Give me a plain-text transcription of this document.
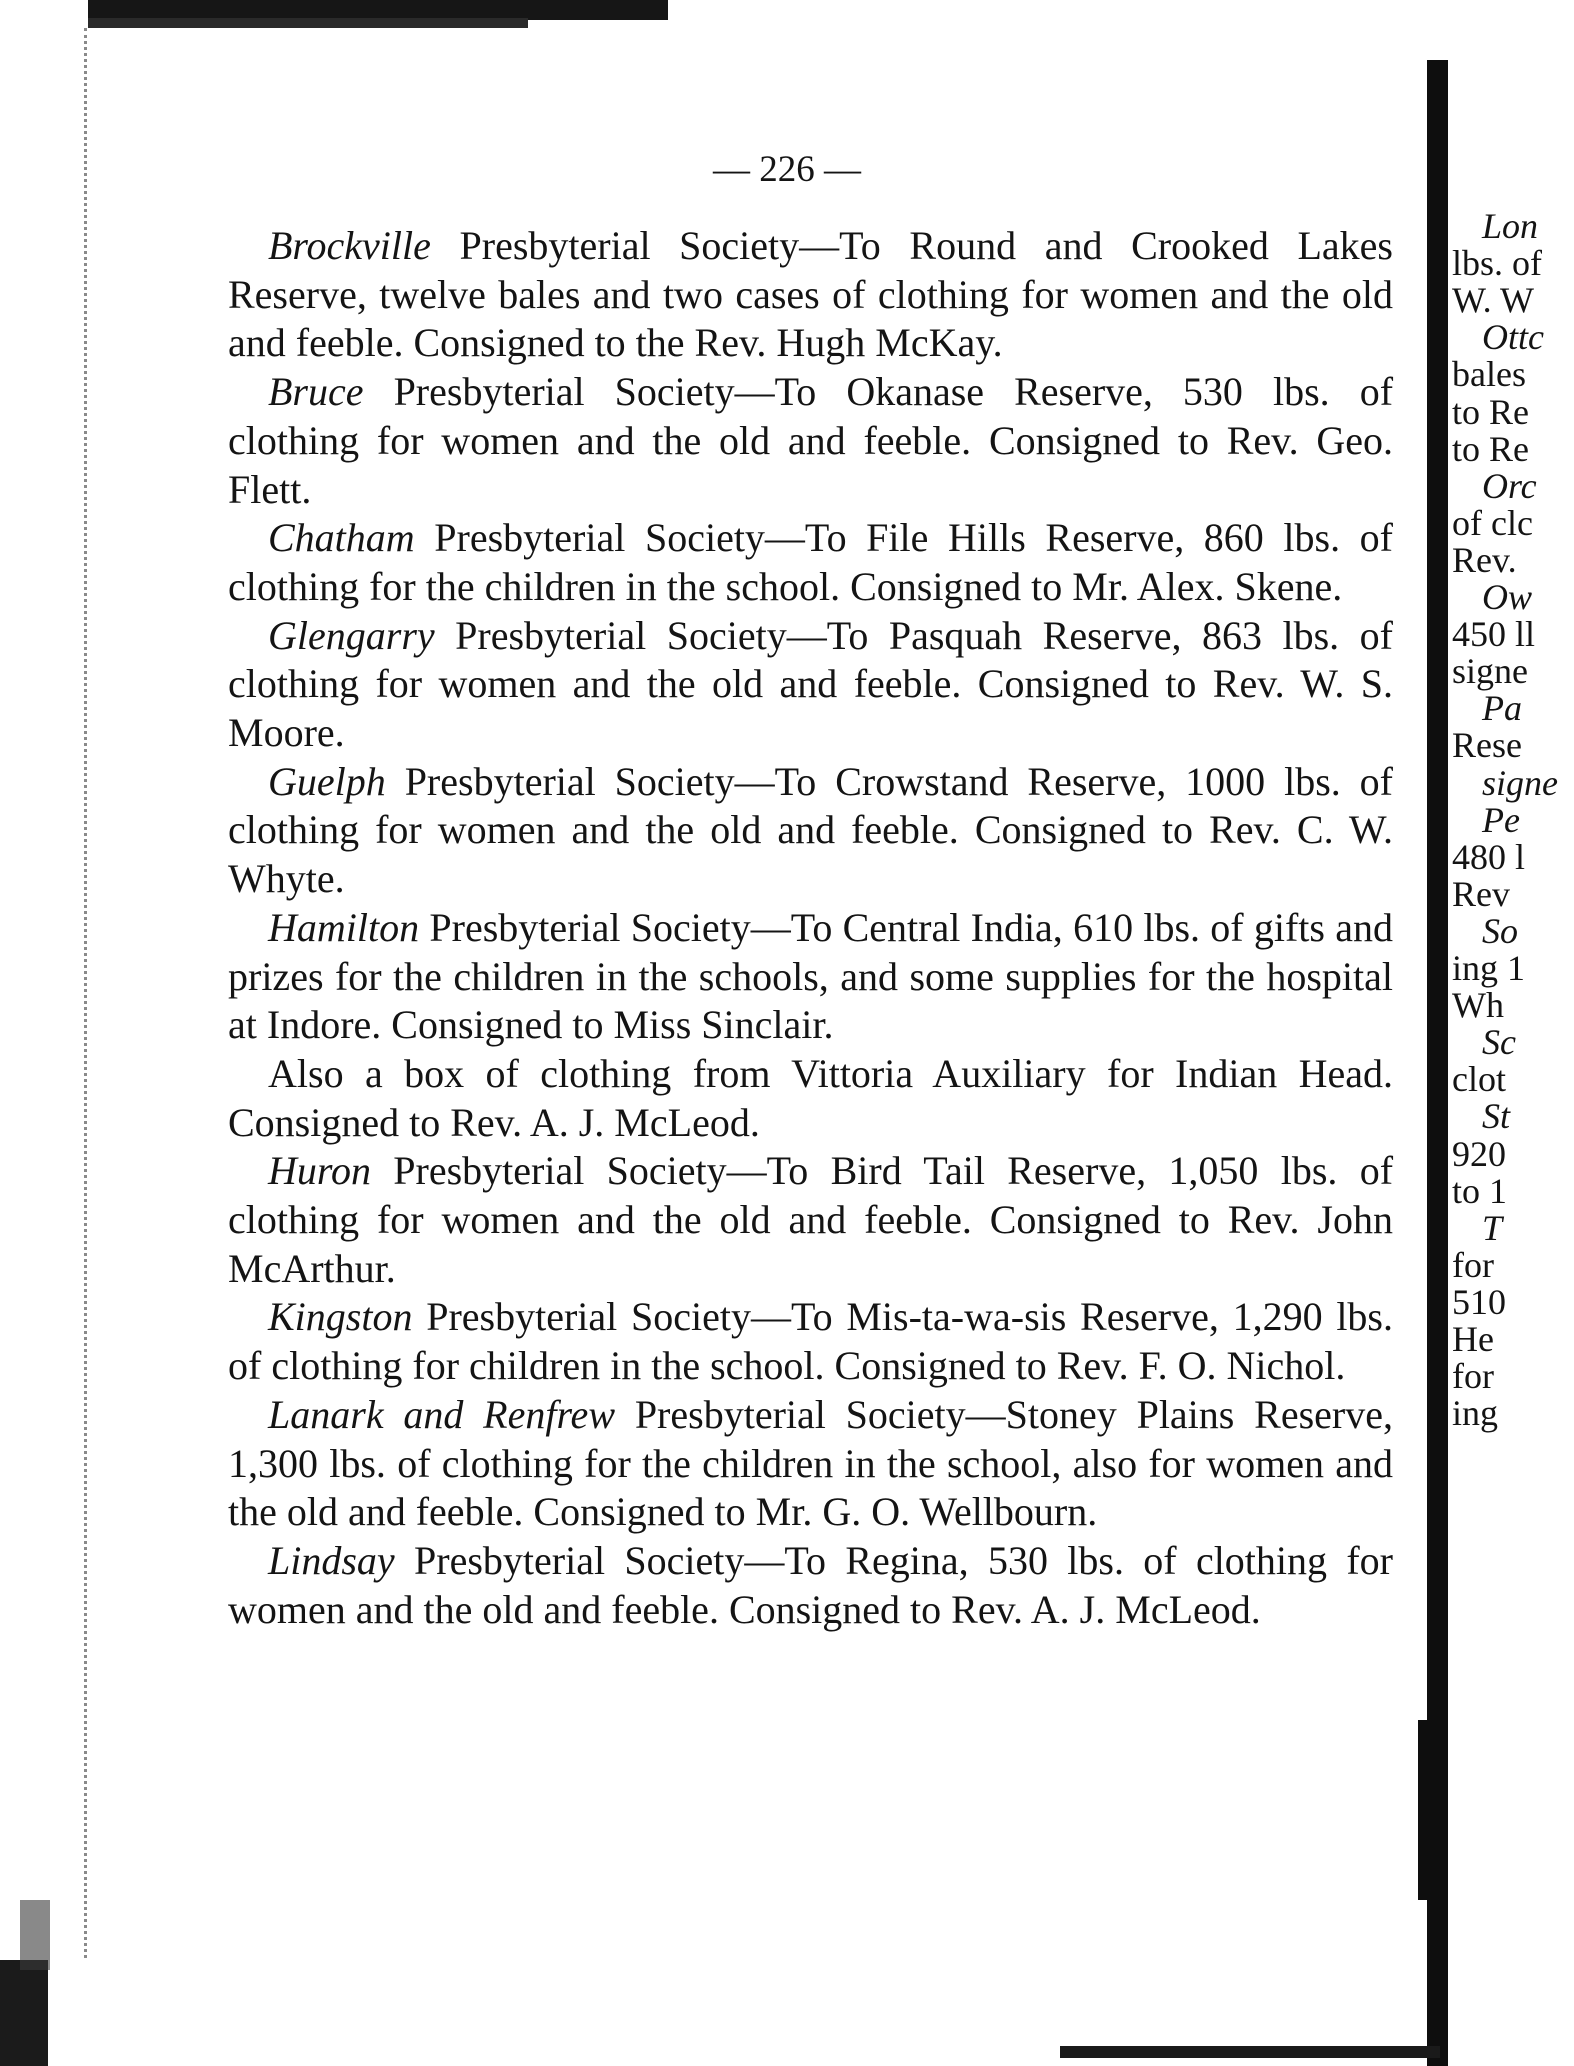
— 226 —

Brockville Presbyterial Society—To Round and Crooked Lakes Reserve, twelve bales and two cases of clothing for women and the old and feeble. Consigned to the Rev. Hugh McKay.

Bruce Presbyterial Society—To Okanase Reserve, 530 lbs. of clothing for women and the old and feeble. Consigned to Rev. Geo. Flett.

Chatham Presbyterial Society—To File Hills Reserve, 860 lbs. of clothing for the children in the school. Consigned to Mr. Alex. Skene.

Glengarry Presbyterial Society—To Pasquah Reserve, 863 lbs. of clothing for women and the old and feeble. Consigned to Rev. W. S. Moore.

Guelph Presbyterial Society—To Crowstand Reserve, 1000 lbs. of clothing for women and the old and feeble. Consigned to Rev. C. W. Whyte.

Hamilton Presbyterial Society—To Central India, 610 lbs. of gifts and prizes for the children in the schools, and some supplies for the hospital at Indore. Consigned to Miss Sinclair.

Also a box of clothing from Vittoria Auxiliary for Indian Head. Consigned to Rev. A. J. McLeod.

Huron Presbyterial Society—To Bird Tail Reserve, 1,050 lbs. of clothing for women and the old and feeble. Consigned to Rev. John McArthur.

Kingston Presbyterial Society—To Mis-ta-wa-sis Reserve, 1,290 lbs. of clothing for children in the school. Consigned to Rev. F. O. Nichol.

Lanark and Renfrew Presbyterial Society—Stoney Plains Reserve, 1,300 lbs. of clothing for the children in the school, also for women and the old and feeble. Consigned to Mr. G. O. Wellbourn.

Lindsay Presbyterial Society—To Regina, 530 lbs. of clothing for women and the old and feeble. Consigned to Rev. A. J. McLeod.

Lon
lbs. of
W. W
Ottc
bales
to Re
to Re
Orc
of clc
Rev.
Ow
450 ll
signe
Pa
Rese
signe
Pe
480 l
Rev
So
ing 1
Wh
Sc
clot
St
920
to 1
T
for
510
He
for
ing
